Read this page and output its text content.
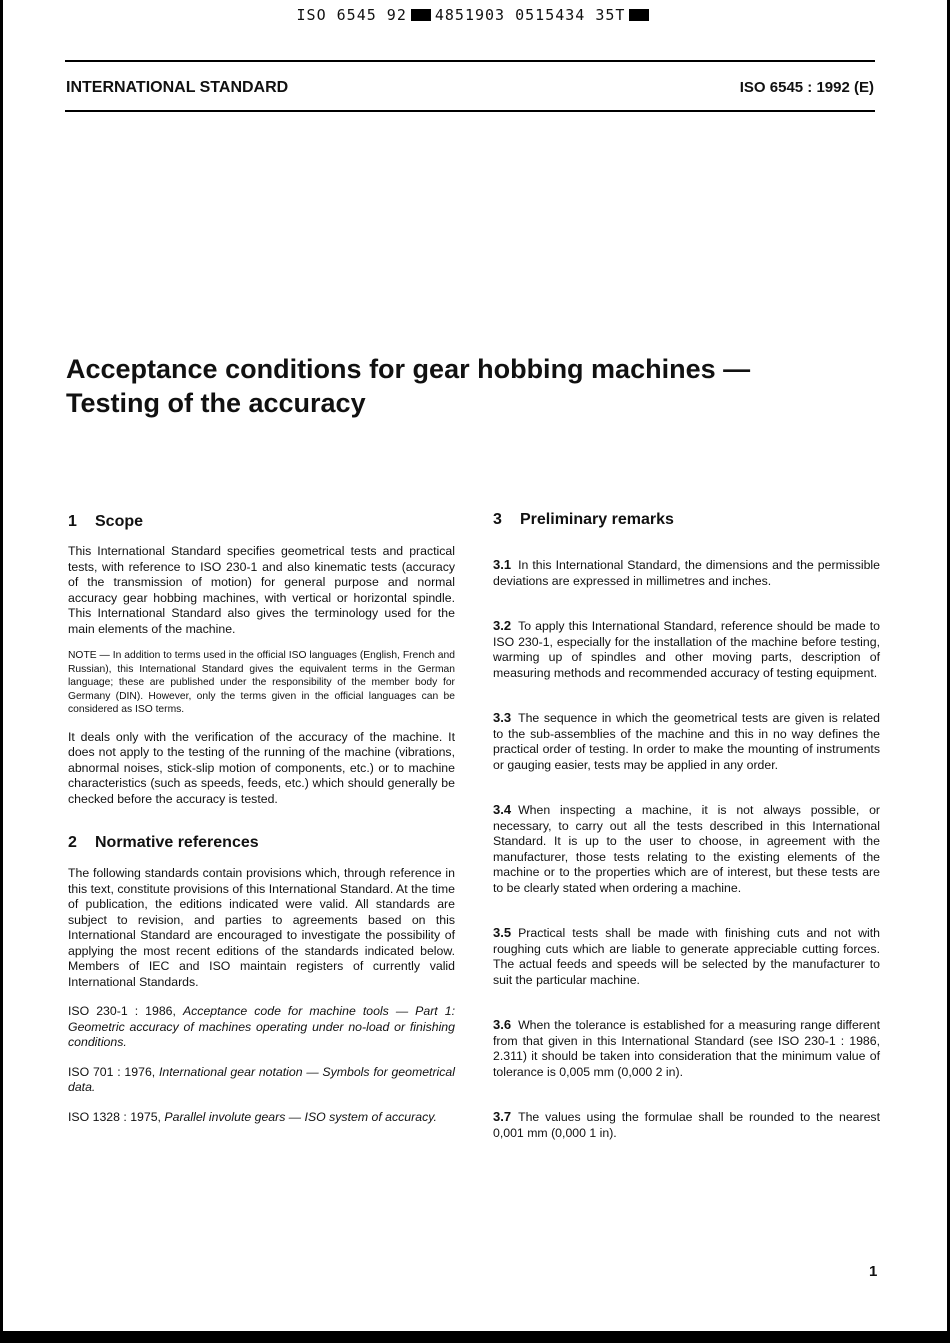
ISO 6545 92 4851903 0515434 35T
INTERNATIONAL STANDARD	ISO 6545 : 1992 (E)
Acceptance conditions for gear hobbing machines —
Testing of the accuracy
1 Scope

This International Standard specifies geometrical tests and practical tests, with reference to ISO 230-1 and also kinematic tests (accuracy of the transmission of motion) for general purpose and normal accuracy gear hobbing machines, with vertical or horizontal spindle. This International Standard also gives the terminology used for the main elements of the machine.

NOTE — In addition to terms used in the official ISO languages (English, French and Russian), this International Standard gives the equivalent terms in the German language; these are published under the responsibility of the member body for Germany (DIN). However, only the terms given in the official languages can be considered as ISO terms.

It deals only with the verification of the accuracy of the machine. It does not apply to the testing of the running of the machine (vibrations, abnormal noises, stick-slip motion of components, etc.) or to machine characteristics (such as speeds, feeds, etc.) which should generally be checked before the accuracy is tested.

2 Normative references

The following standards contain provisions which, through reference in this text, constitute provisions of this International Standard. At the time of publication, the editions indicated were valid. All standards are subject to revision, and parties to agreements based on this International Standard are encouraged to investigate the possibility of applying the most recent editions of the standards indicated below. Members of IEC and ISO maintain registers of currently valid International Standards.

ISO 230-1 : 1986, Acceptance code for machine tools — Part 1: Geometric accuracy of machines operating under no-load or finishing conditions.

ISO 701 : 1976, International gear notation — Symbols for geometrical data.

ISO 1328 : 1975, Parallel involute gears — ISO system of accuracy.

3 Preliminary remarks

3.1 In this International Standard, the dimensions and the permissible deviations are expressed in millimetres and inches.

3.2 To apply this International Standard, reference should be made to ISO 230-1, especially for the installation of the machine before testing, warming up of spindles and other moving parts, description of measuring methods and recommended accuracy of testing equipment.

3.3 The sequence in which the geometrical tests are given is related to the sub-assemblies of the machine and this in no way defines the practical order of testing. In order to make the mounting of instruments or gauging easier, tests may be applied in any order.

3.4 When inspecting a machine, it is not always possible, or necessary, to carry out all the tests described in this International Standard. It is up to the user to choose, in agreement with the manufacturer, those tests relating to the existing elements of the machine or to the properties which are of interest, but these tests are to be clearly stated when ordering a machine.

3.5 Practical tests shall be made with finishing cuts and not with roughing cuts which are liable to generate appreciable cutting forces. The actual feeds and speeds will be selected by the manufacturer to suit the particular machine.

3.6 When the tolerance is established for a measuring range different from that given in this International Standard (see ISO 230-1 : 1986, 2.311) it should be taken into consideration that the minimum value of tolerance is 0,005 mm (0,000 2 in).

3.7 The values using the formulae shall be rounded to the nearest 0,001 mm (0,000 1 in).

1
